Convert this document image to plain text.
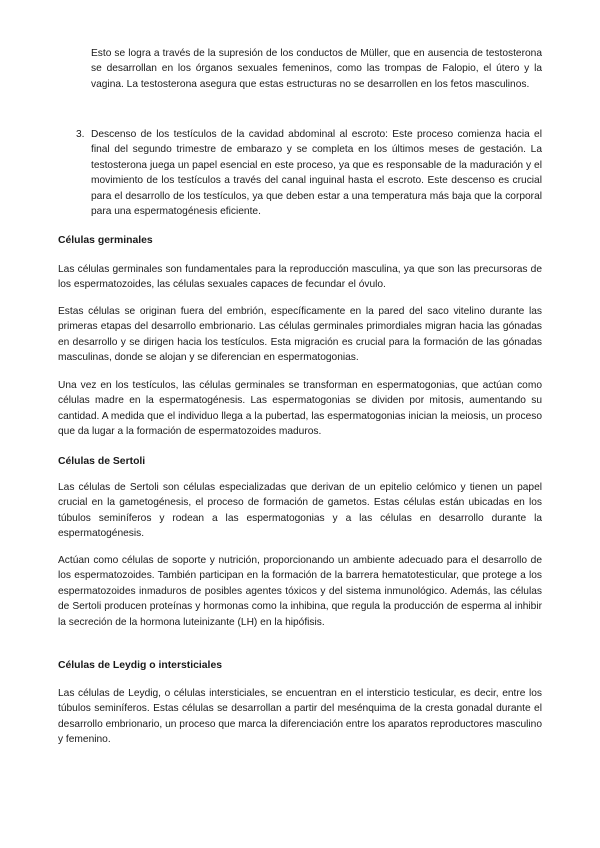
Esto se logra a través de la supresión de los conductos de Müller, que en ausencia de testosterona se desarrollan en los órganos sexuales femeninos, como las trompas de Falopio, el útero y la vagina. La testosterona asegura que estas estructuras no se desarrollen en los fetos masculinos.

3. Descenso de los testículos de la cavidad abdominal al escroto: Este proceso comienza hacia el final del segundo trimestre de embarazo y se completa en los últimos meses de gestación. La testosterona juega un papel esencial en este proceso, ya que es responsable de la maduración y el movimiento de los testículos a través del canal inguinal hasta el escroto. Este descenso es crucial para el desarrollo de los testículos, ya que deben estar a una temperatura más baja que la corporal para una espermatogénesis eficiente.

Células germinales

Las células germinales son fundamentales para la reproducción masculina, ya que son las precursoras de los espermatozoides, las células sexuales capaces de fecundar el óvulo.

Estas células se originan fuera del embrión, específicamente en la pared del saco vitelino durante las primeras etapas del desarrollo embrionario. Las células germinales primordiales migran hacia las gónadas en desarrollo y se dirigen hacia los testículos. Esta migración es crucial para la formación de las gónadas masculinas, donde se alojan y se diferencian en espermatogonias.

Una vez en los testículos, las células germinales se transforman en espermatogonias, que actúan como células madre en la espermatogénesis. Las espermatogonias se dividen por mitosis, aumentando su cantidad. A medida que el individuo llega a la pubertad, las espermatogonias inician la meiosis, un proceso que da lugar a la formación de espermatozoides maduros.

Células de Sertoli

Las células de Sertoli son células especializadas que derivan de un epitelio celómico y tienen un papel crucial en la gametogénesis, el proceso de formación de gametos. Estas células están ubicadas en los túbulos seminíferos y rodean a las espermatogonias y a las células en desarrollo durante la espermatogénesis.

Actúan como células de soporte y nutrición, proporcionando un ambiente adecuado para el desarrollo de los espermatozoides. También participan en la formación de la barrera hematotesticular, que protege a los espermatozoides inmaduros de posibles agentes tóxicos y del sistema inmunológico. Además, las células de Sertoli producen proteínas y hormonas como la inhibina, que regula la producción de esperma al inhibir la secreción de la hormona luteinizante (LH) en la hipófisis.

Células de Leydig o intersticiales

Las células de Leydig, o células intersticiales, se encuentran en el intersticio testicular, es decir, entre los túbulos seminíferos. Estas células se desarrollan a partir del mesénquima de la cresta gonadal durante el desarrollo embrionario, un proceso que marca la diferenciación entre los aparatos reproductores masculino y femenino.
